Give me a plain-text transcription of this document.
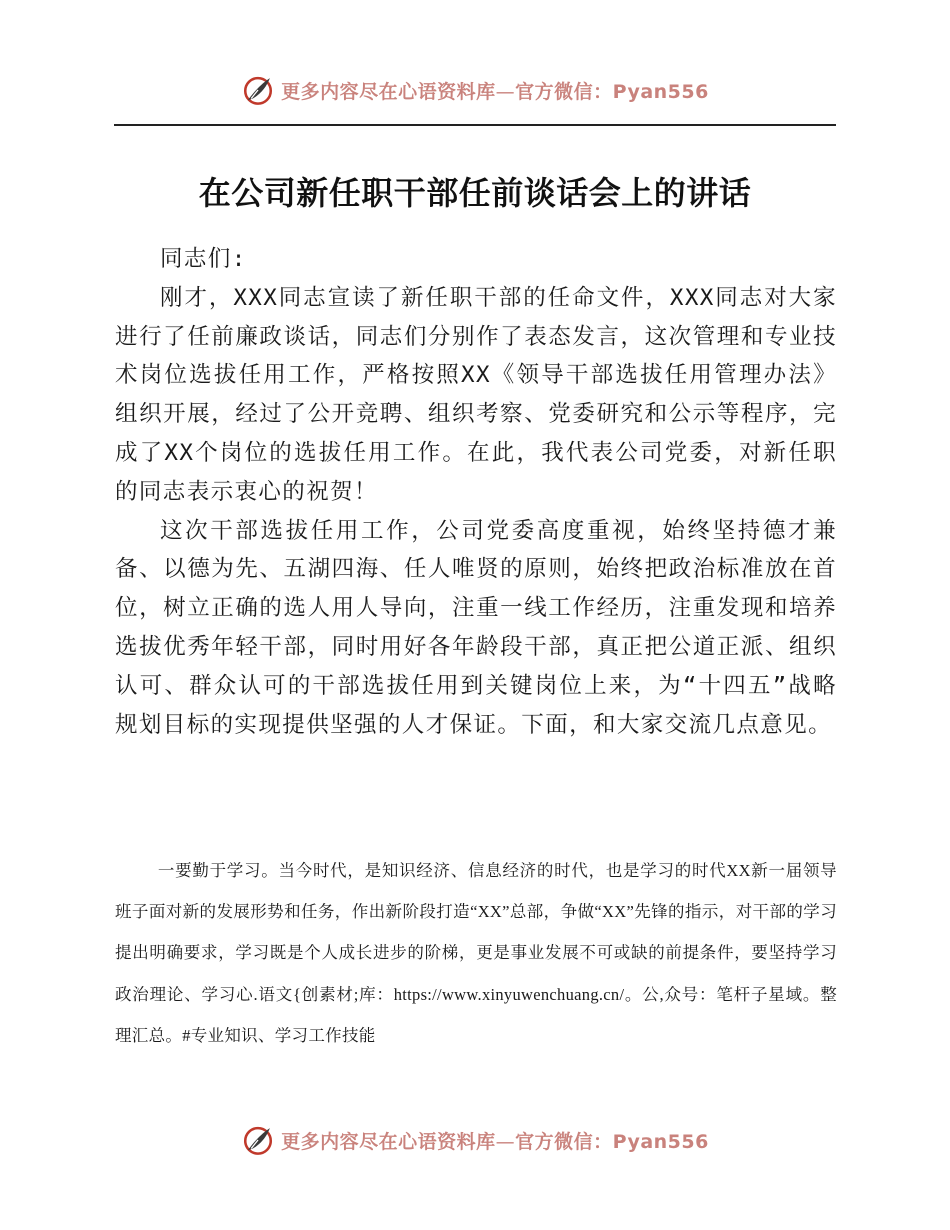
更多内容尽在心语资料库—官方微信：Pyan556
在公司新任职干部任前谈话会上的讲话

同志们:

刚才，XXX同志宣读了新任职干部的任命文件，XXX同志对大家进行了任前廉政谈话，同志们分别作了表态发言，这次管理和专业技术岗位选拔任用工作，严格按照XX《领导干部选拔任用管理办法》组织开展，经过了公开竞聘、组织考察、党委研究和公示等程序，完成了XX个岗位的选拔任用工作。在此，我代表公司党委，对新任职的同志表示衷心的祝贺！

这次干部选拔任用工作，公司党委高度重视，始终坚持德才兼备、以德为先、五湖四海、任人唯贤的原则，始终把政治标准放在首位，树立正确的选人用人导向，注重一线工作经历，注重发现和培养选拔优秀年轻干部，同时用好各年龄段干部，真正把公道正派、组织认可、群众认可的干部选拔任用到关键岗位上来，为“十四五”战略规划目标的实现提供坚强的人才保证。下面，和大家交流几点意见。

一要勤于学习。当今时代，是知识经济、信息经济的时代，也是学习的时代XX新一届领导班子面对新的发展形势和任务，作出新阶段打造“XX”总部，争做“XX”先锋的指示，对干部的学习提出明确要求，学习既是个人成长进步的阶梯，更是事业发展不可或缺的前提条件，要坚持学习政治理论、学习心.语文{创素材;库：https://www.xinyuwenchuang.cn/。公,众号：笔杆子星域。整理汇总。#专业知识、学习工作技能

更多内容尽在心语资料库—官方微信：Pyan556
